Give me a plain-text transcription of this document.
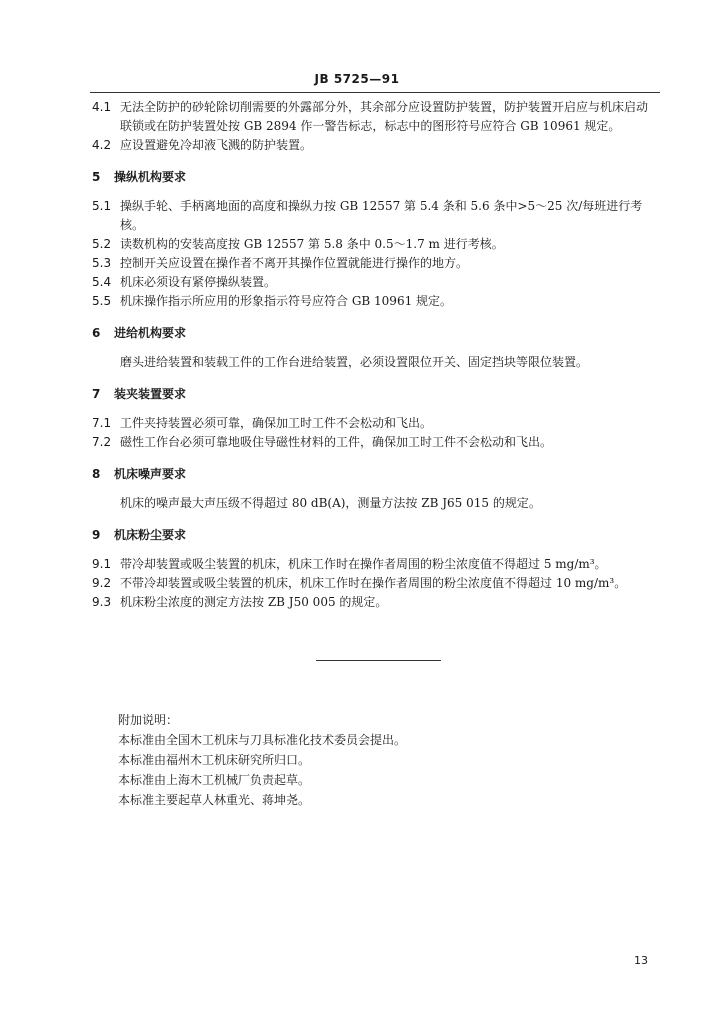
JB 5725—91
4.1 无法全防护的砂轮除切削需要的外露部分外，其余部分应设置防护装置，防护装置开启应与机床启动联锁或在防护装置处按 GB 2894 作一警告标志，标志中的图形符号应符合 GB 10961 规定。
4.2 应设置避免冷却液飞溅的防护装置。
5	操纵机构要求
5.1 操纵手轮、手柄离地面的高度和操纵力按 GB 12557 第 5.4 条和 5.6 条中>5～25 次/每班进行考核。
5.2 读数机构的安装高度按 GB 12557 第 5.8 条中 0.5～1.7 m 进行考核。
5.3 控制开关应设置在操作者不离开其操作位置就能进行操作的地方。
5.4 机床必须设有紧停操纵装置。
5.5 机床操作指示所应用的形象指示符号应符合 GB 10961 规定。
6	进给机构要求
磨头进给装置和装载工件的工作台进给装置，必须设置限位开关、固定挡块等限位装置。
7	装夹装置要求
7.1 工件夹持装置必须可靠，确保加工时工件不会松动和飞出。
7.2 磁性工作台必须可靠地吸住导磁性材料的工件，确保加工时工件不会松动和飞出。
8	机床噪声要求
机床的噪声最大声压级不得超过 80 dB(A)，测量方法按 ZB J65 015 的规定。
9	机床粉尘要求
9.1 带冷却装置或吸尘装置的机床，机床工作时在操作者周围的粉尘浓度值不得超过 5 mg/m³。
9.2 不带冷却装置或吸尘装置的机床，机床工作时在操作者周围的粉尘浓度值不得超过 10 mg/m³。
9.3 机床粉尘浓度的测定方法按 ZB J50 005 的规定。
附加说明：
本标准由全国木工机床与刀具标准化技术委员会提出。
本标准由福州木工机床研究所归口。
本标准由上海木工机械厂负责起草。
本标准主要起草人林重光、蒋坤尧。
13
